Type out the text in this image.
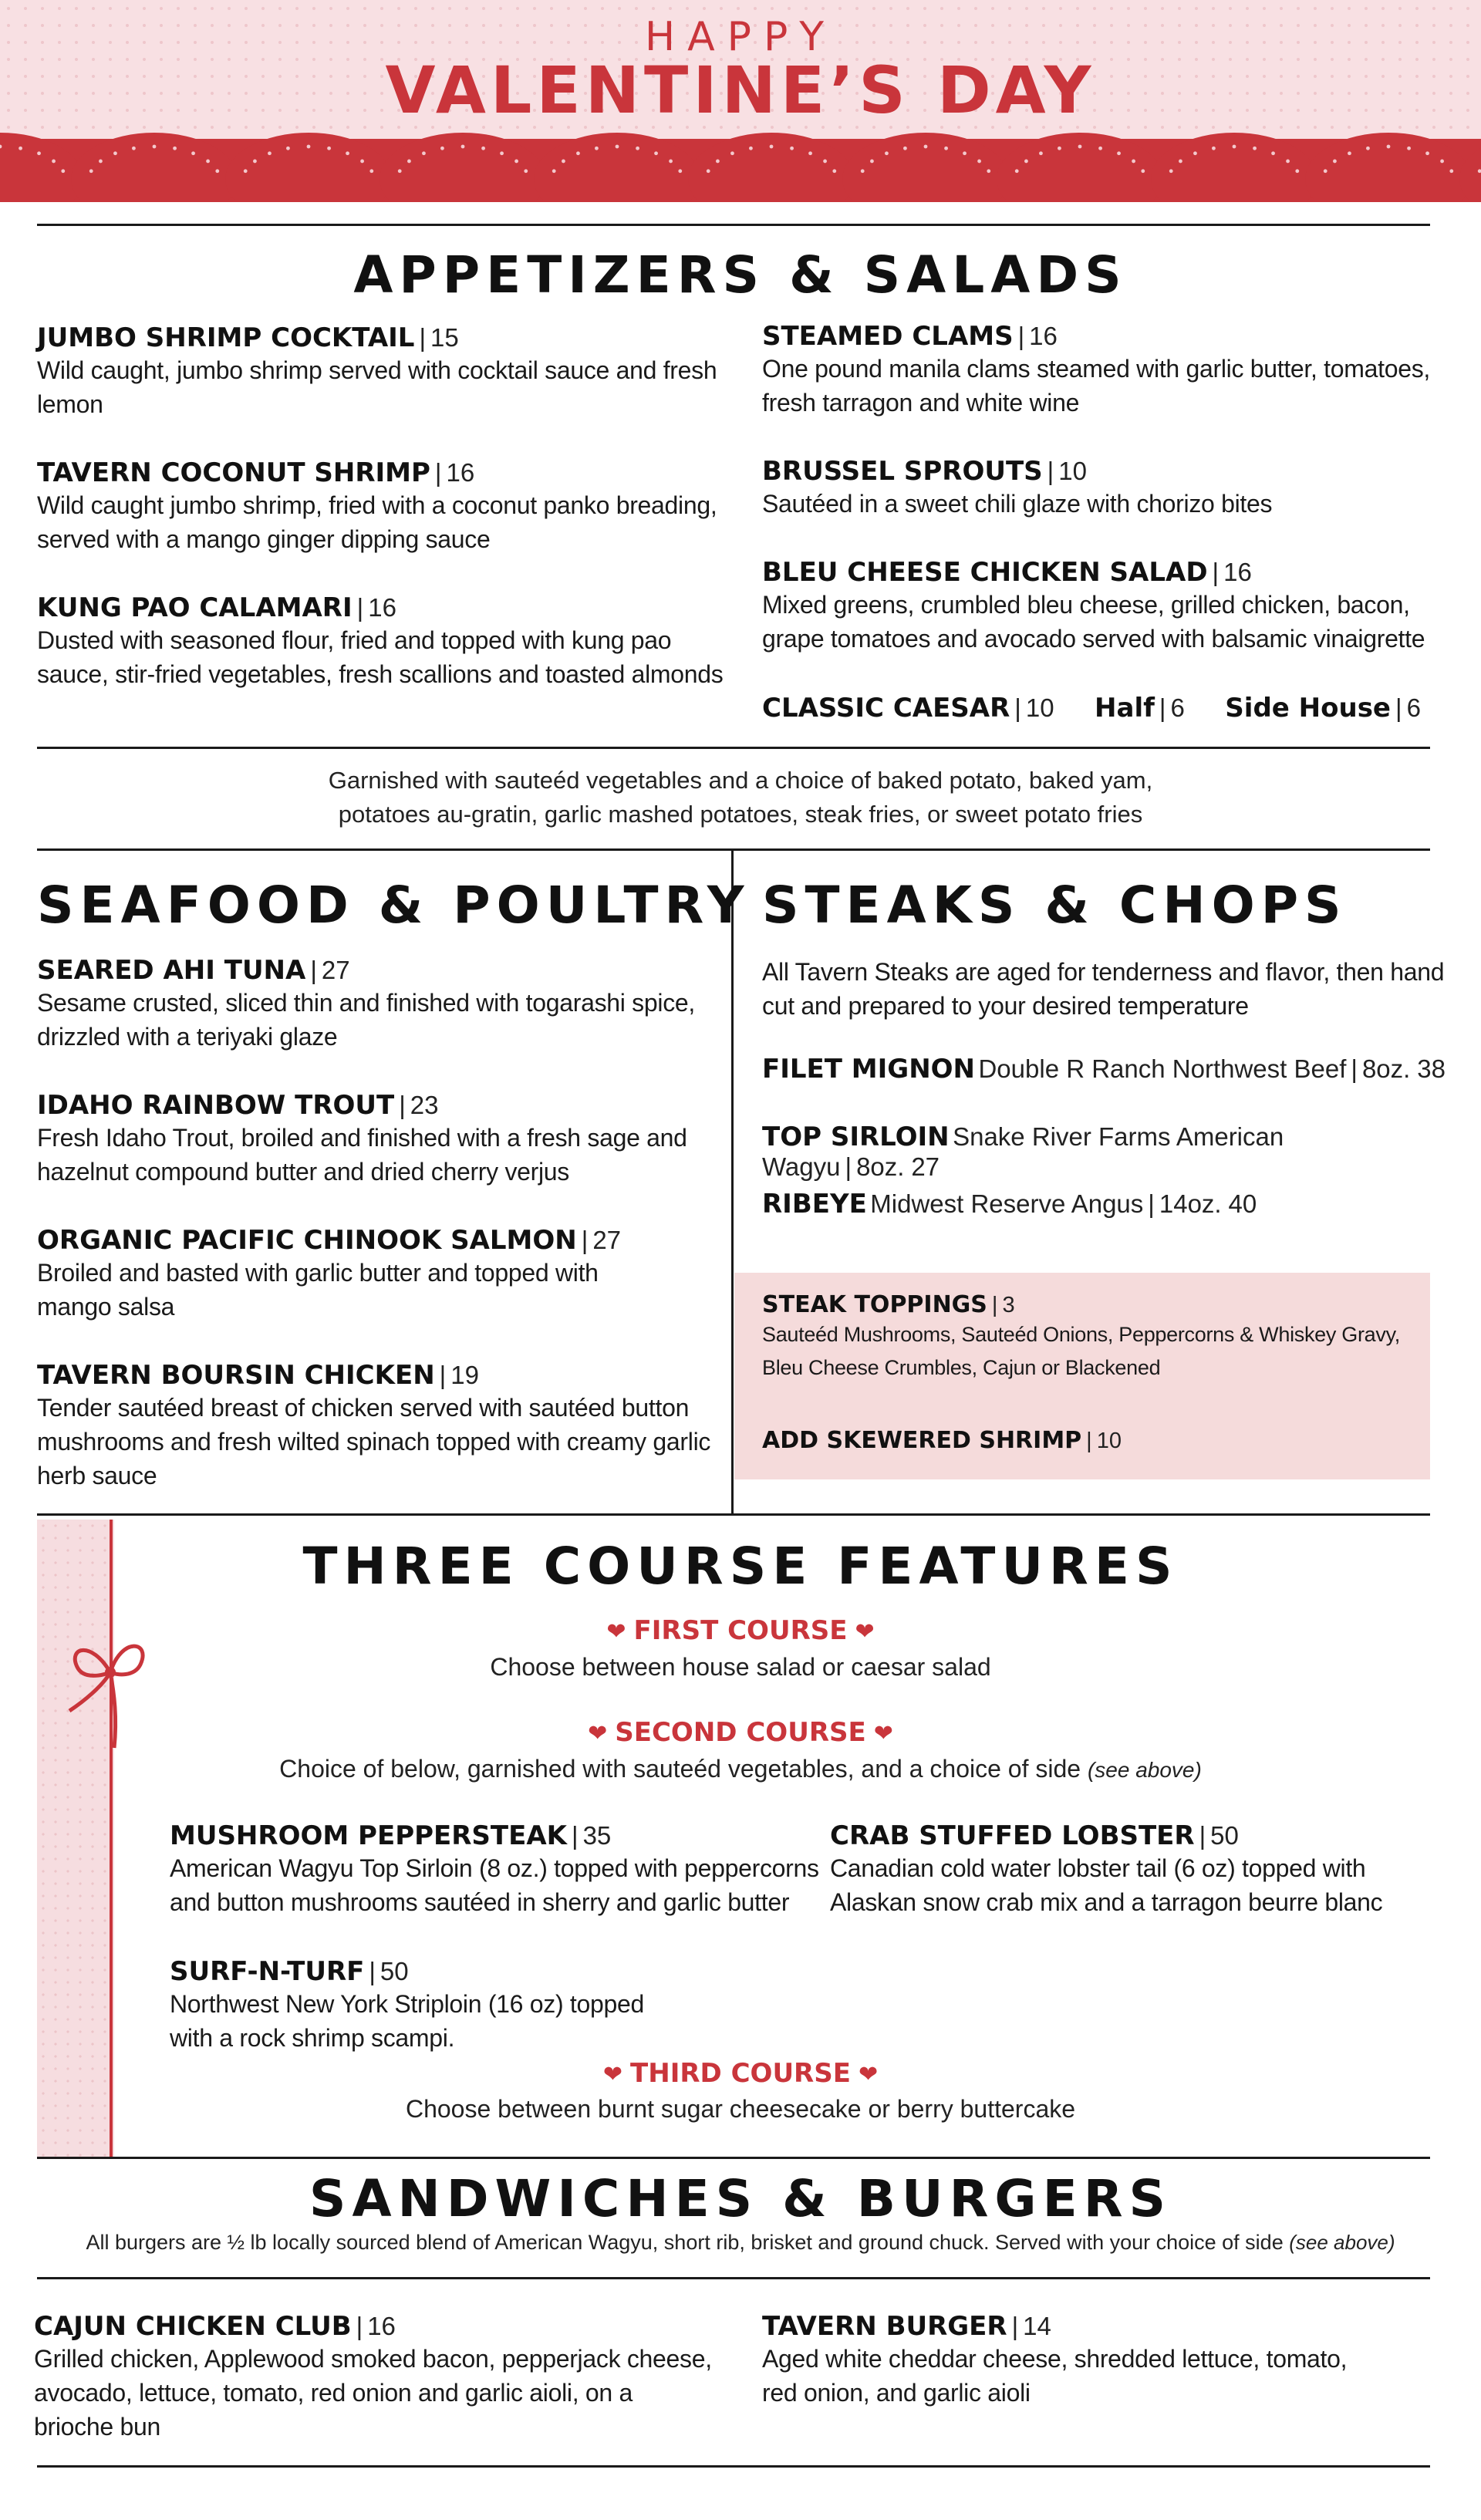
HAPPY
VALENTINE’S DAY
APPETIZERS & SALADS
JUMBO SHRIMP COCKTAIL | 15
Wild caught, jumbo shrimp served with cocktail sauce and fresh
lemon
TAVERN COCONUT SHRIMP | 16
Wild caught jumbo shrimp, fried with a coconut panko breading,
served with a mango ginger dipping sauce
KUNG PAO CALAMARI | 16
Dusted with seasoned flour, fried and topped with kung pao
sauce, stir-fried vegetables, fresh scallions and toasted almonds
STEAMED CLAMS | 16
One pound manila clams steamed with garlic butter, tomatoes,
fresh tarragon and white wine
BRUSSEL SPROUTS | 10
Sautéed in a sweet chili glaze with chorizo bites
BLEU CHEESE CHICKEN SALAD | 16
Mixed greens, crumbled bleu cheese, grilled chicken, bacon,
grape tomatoes and avocado served with balsamic vinaigrette
CLASSIC CAESAR | 10 Half | 6 Side House | 6
Garnished with sauteéd vegetables and a choice of baked potato, baked yam,
potatoes au-gratin, garlic mashed potatoes, steak fries, or sweet potato fries
SEAFOOD & POULTRY
SEARED AHI TUNA | 27
Sesame crusted, sliced thin and finished with togarashi spice,
drizzled with a teriyaki glaze
IDAHO RAINBOW TROUT | 23
Fresh Idaho Trout, broiled and finished with a fresh sage and
hazelnut compound butter and dried cherry verjus
ORGANIC PACIFIC CHINOOK SALMON | 27
Broiled and basted with garlic butter and topped with
mango salsa
TAVERN BOURSIN CHICKEN | 19
Tender sautéed breast of chicken served with sautéed button
mushrooms and fresh wilted spinach topped with creamy garlic
herb sauce
STEAKS & CHOPS
All Tavern Steaks are aged for tenderness and flavor, then hand
cut and prepared to your desired temperature
FILET MIGNON Double R Ranch Northwest Beef | 8oz. 38
TOP SIRLOIN Snake River Farms American Wagyu | 8oz. 27
RIBEYE Midwest Reserve Angus | 14oz. 40
STEAK TOPPINGS | 3
Sauteéd Mushrooms, Sauteéd Onions, Peppercorns & Whiskey Gravy,
Bleu Cheese Crumbles, Cajun or Blackened
ADD SKEWERED SHRIMP | 10
THREE COURSE FEATURES
❤ FIRST COURSE ❤
Choose between house salad or caesar salad
❤ SECOND COURSE ❤
Choice of below, garnished with sauteéd vegetables, and a choice of side (see above)
MUSHROOM PEPPERSTEAK | 35
American Wagyu Top Sirloin (8 oz.) topped with peppercorns
and button mushrooms sautéed in sherry and garlic butter
CRAB STUFFED LOBSTER | 50
Canadian cold water lobster tail (6 oz) topped with
Alaskan snow crab mix and a tarragon beurre blanc
SURF-N-TURF | 50
Northwest New York Striploin (16 oz) topped
with a rock shrimp scampi.
❤ THIRD COURSE ❤
Choose between burnt sugar cheesecake or berry buttercake
SANDWICHES & BURGERS
All burgers are ½ lb locally sourced blend of American Wagyu, short rib, brisket and ground chuck. Served with your choice of side (see above)
CAJUN CHICKEN CLUB | 16
Grilled chicken, Applewood smoked bacon, pepperjack cheese,
avocado, lettuce, tomato, red onion and garlic aioli, on a
brioche bun
TAVERN BURGER | 14
Aged white cheddar cheese, shredded lettuce, tomato,
red onion, and garlic aioli
